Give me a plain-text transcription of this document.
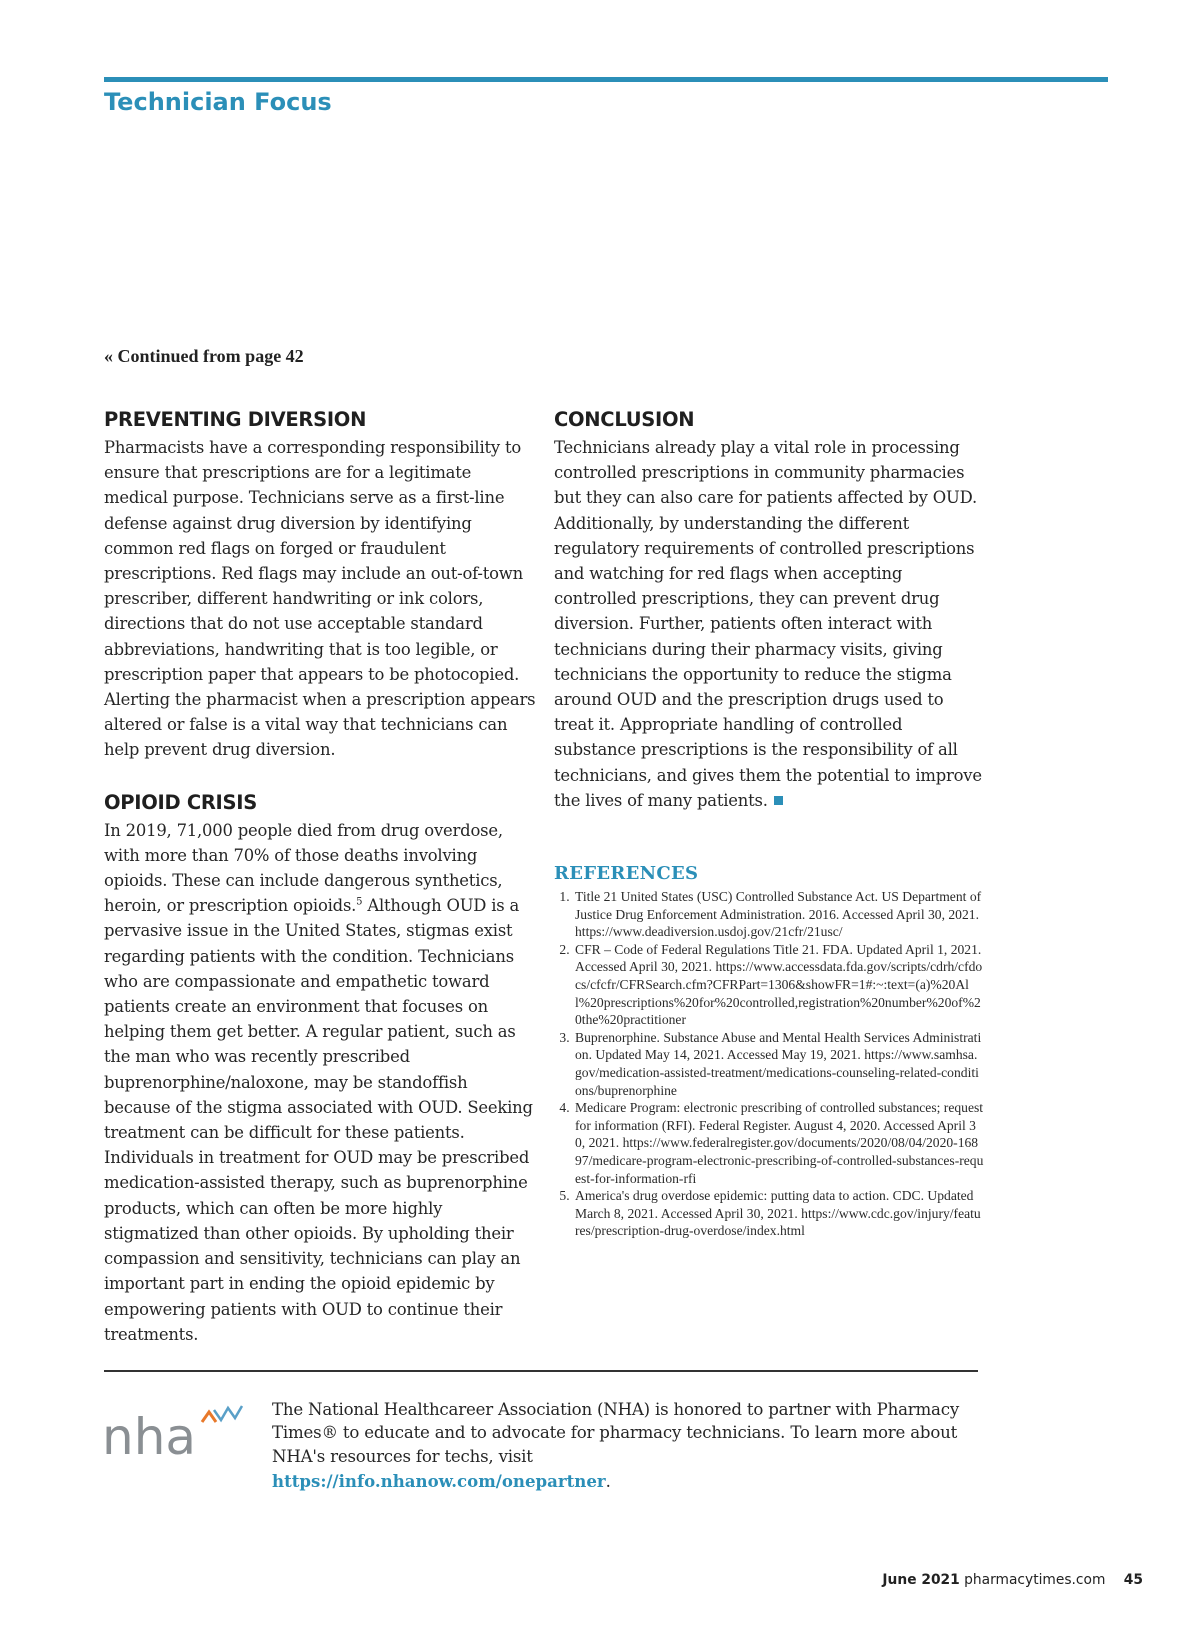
Technician Focus

« Continued from page 42

PREVENTING DIVERSION

Pharmacists have a corresponding responsibility to ensure that prescriptions are for a legitimate medical purpose. Technicians serve as a first-line defense against drug diversion by identifying common red flags on forged or fraudulent prescriptions. Red flags may include an out-of-town prescriber, different handwriting or ink colors, directions that do not use acceptable standard abbreviations, handwriting that is too legible, or prescription paper that appears to be photocopied. Alerting the pharmacist when a prescription appears altered or false is a vital way that technicians can help prevent drug diversion.

OPIOID CRISIS

In 2019, 71,000 people died from drug overdose, with more than 70% of those deaths involving opioids. These can include dangerous synthetics, heroin, or prescription opioids.$^5$ Although OUD is a pervasive issue in the United States, stigmas exist regarding patients with the condition. Technicians who are compassionate and empathetic toward patients create an environment that focuses on helping them get better. A regular patient, such as the man who was recently prescribed buprenorphine/naloxone, may be standoffish because of the stigma associated with OUD. Seeking treatment can be difficult for these patients. Individuals in treatment for OUD may be prescribed medication-assisted therapy, such as buprenorphine products, which can often be more highly stigmatized than other opioids. By upholding their compassion and sensitivity, technicians can play an important part in ending the opioid epidemic by empowering patients with OUD to continue their treatments.

CONCLUSION

Technicians already play a vital role in processing controlled prescriptions in community pharmacies but they can also care for patients affected by OUD. Additionally, by understanding the different regulatory requirements of controlled prescriptions and watching for red flags when accepting controlled prescriptions, they can prevent drug diversion. Further, patients often interact with technicians during their pharmacy visits, giving technicians the opportunity to reduce the stigma around OUD and the prescription drugs used to treat it. Appropriate handling of controlled substance prescriptions is the responsibility of all technicians, and gives them the potential to improve the lives of many patients.

REFERENCES
1. Title 21 United States (USC) Controlled Substance Act. US Department of Justice Drug Enforcement Administration. 2016. Accessed April 30, 2021. https://www.deadiversion.usdoj.gov/21cfr/21usc/
2. CFR – Code of Federal Regulations Title 21. FDA. Updated April 1, 2021. Accessed April 30, 2021. https://www.accessdata.fda.gov/scripts/cdrh/cfdocs/cfcfr/CFRSearch.cfm?CFRPart=1306&showFR=1#:~:text=(a)%20All%20prescriptions%20for%20controlled,registration%20number%20of%20the%20practitioner
3. Buprenorphine. Substance Abuse and Mental Health Services Administration. Updated May 14, 2021. Accessed May 19, 2021. https://www.samhsa.gov/medication-assisted-treatment/medications-counseling-related-conditions/buprenorphine
4. Medicare Program: electronic prescribing of controlled substances; request for information (RFI). Federal Register. August 4, 2020. Accessed April 30, 2021. https://www.federalregister.gov/documents/2020/08/04/2020-16897/medicare-program-electronic-prescribing-of-controlled-substances-request-for-information-rfi
5. America's drug overdose epidemic: putting data to action. CDC. Updated March 8, 2021. Accessed April 30, 2021. https://www.cdc.gov/injury/features/prescription-drug-overdose/index.html
nha	The National Healthcareer Association (NHA) is honored to partner with Pharmacy Times® to educate and to advocate for pharmacy technicians. To learn more about NHA's resources for techs, visit

https://info.nhanow.com/onepartner.
June 2021 pharmacytimes.com 45
